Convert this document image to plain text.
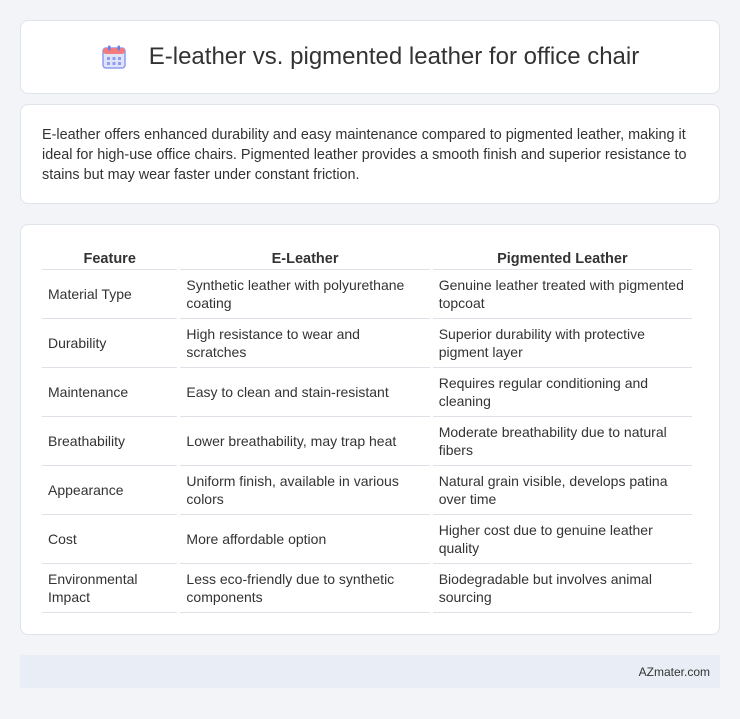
E-leather vs. pigmented leather for office chair

E-leather offers enhanced durability and easy maintenance compared to pigmented leather, making it ideal for high-use office chairs. Pigmented leather provides a smooth finish and superior resistance to stains but may wear faster under constant friction.

Feature	E-Leather	Pigmented Leather
Material Type	Synthetic leather with polyurethane coating	Genuine leather treated with pigmented topcoat
Durability	High resistance to wear and scratches	Superior durability with protective pigment layer
Maintenance	Easy to clean and stain-resistant	Requires regular conditioning and cleaning
Breathability	Lower breathability, may trap heat	Moderate breathability due to natural fibers
Appearance	Uniform finish, available in various colors	Natural grain visible, develops patina over time
Cost	More affordable option	Higher cost due to genuine leather quality
Environmental Impact	Less eco-friendly due to synthetic components	Biodegradable but involves animal sourcing
AZmater.com
